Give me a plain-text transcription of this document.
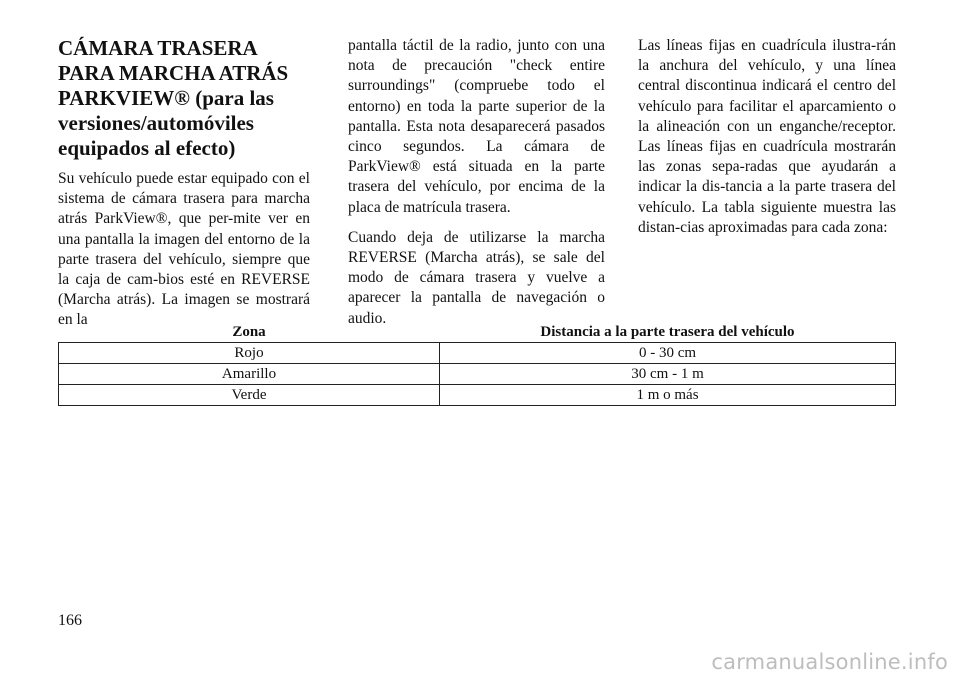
CÁMARA TRASERA PARA MARCHA ATRÁS PARKVIEW® (para las versiones/automóviles equipados al efecto)

Su vehículo puede estar equipado con el sistema de cámara trasera para marcha atrás ParkView®, que per-mite ver en una pantalla la imagen del entorno de la parte trasera del vehículo, siempre que la caja de cam-bios esté en REVERSE (Marcha atrás). La imagen se mostrará en la

pantalla táctil de la radio, junto con una nota de precaución "check entire surroundings" (compruebe todo el entorno) en toda la parte superior de la pantalla. Esta nota desaparecerá pasados cinco segundos. La cámara de ParkView® está situada en la parte trasera del vehículo, por encima de la placa de matrícula trasera.

Cuando deja de utilizarse la marcha REVERSE (Marcha atrás), se sale del modo de cámara trasera y vuelve a aparecer la pantalla de navegación o audio.

Las líneas fijas en cuadrícula ilustra-rán la anchura del vehículo, y una línea central discontinua indicará el centro del vehículo para facilitar el aparcamiento o la alineación con un enganche/receptor. Las líneas fijas en cuadrícula mostrarán las zonas sepa-radas que ayudarán a indicar la dis-tancia a la parte trasera del vehículo. La tabla siguiente muestra las distan-cias aproximadas para cada zona:

Zona	Distancia a la parte trasera del vehículo
Rojo	0 - 30 cm
Amarillo	30 cm - 1 m
Verde	1 m o más
166
carmanualsonline.info
